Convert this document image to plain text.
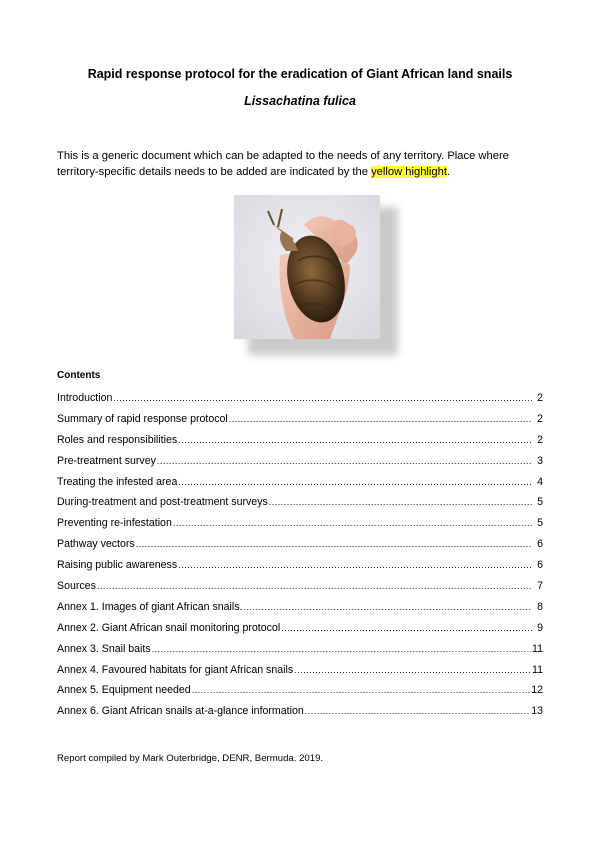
Rapid response protocol for the eradication of Giant African land snails
Lissachatina fulica
This is a generic document which can be adapted to the needs of any territory. Place where territory-specific details needs to be added are indicated by the yellow highlight.
Contents
Introduction .....	2
Summary of rapid response protocol .....	2
Roles and responsibilities .....	2
Pre-treatment survey .....	3
Treating the infested area .....	4
During-treatment and post-treatment surveys .....	5
Preventing re-infestation .....	5
Pathway vectors .....	6
Raising public awareness .....	6
Sources .....	7
Annex 1. Images of giant African snails. .....	8
Annex 2. Giant African snail monitoring protocol .....	9
Annex 3. Snail baits .....	11
Annex 4. Favoured habitats for giant African snails .....	11
Annex 5. Equipment needed .....	12
Annex 6. Giant African snails at-a-glance information .....	13
Report compiled by Mark Outerbridge, DENR, Bermuda. 2019.
